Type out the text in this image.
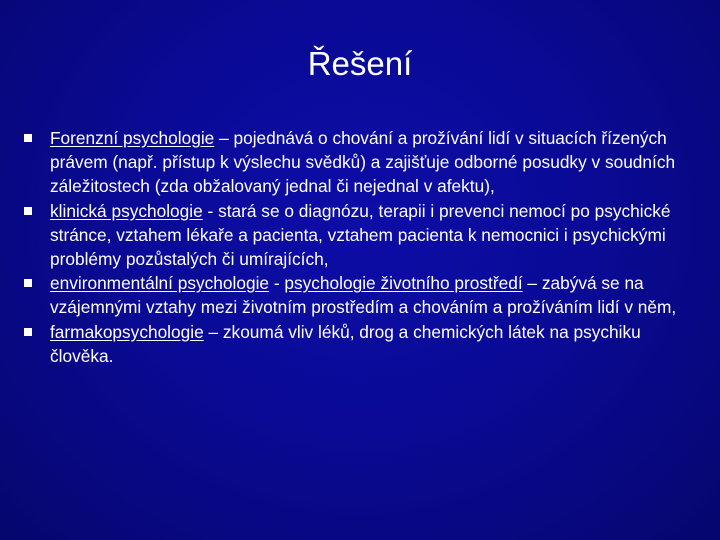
Řešení
Forenzní psychologie – pojednává o chování a prožívání lidí v situacích řízených právem (např. přístup k výslechu svědků) a zajišťuje odborné posudky v soudních záležitostech (zda obžalovaný jednal či nejednal v afektu),
klinická psychologie - stará se o diagnózu, terapii i prevenci nemocí po psychické stránce, vztahem lékaře a pacienta, vztahem pacienta k nemocnici i psychickými problémy pozůstalých či umírajících,
environmentální psychologie - psychologie životního prostředí – zabývá se na vzájemnými vztahy mezi životním prostředím a chováním a prožíváním lidí v něm,
farmakopsychologie – zkoumá vliv léků, drog a chemických látek na psychiku člověka.
